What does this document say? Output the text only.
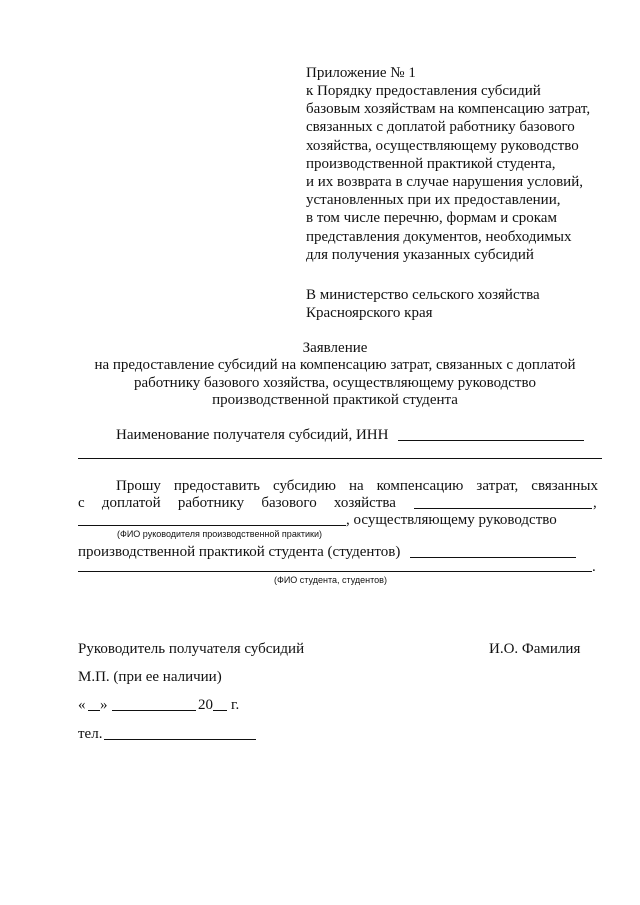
Приложение № 1
к Порядку предоставления субсидий
базовым хозяйствам на компенсацию затрат,
связанных с доплатой работнику базового
хозяйства, осуществляющему руководство
производственной практикой студента,
и их возврата в случае нарушения условий,
установленных при их предоставлении,
в том числе перечню, формам и срокам
представления документов, необходимых
для получения указанных субсидий
В министерство сельского хозяйства
Красноярского края
Заявление
на предоставление субсидий на компенсацию затрат, связанных с доплатой
работнику базового хозяйства, осуществляющему руководство
производственной практикой студента
Наименование получателя субсидий, ИНН
Прошу предоставить субсидию на компенсацию затрат, связанных
с доплатой работнику базового хозяйства	,
, осуществляющему руководство
(ФИО руководителя производственной практики)
производственной практикой студента (студентов)
.
(ФИО студента, студентов)
Руководитель получателя субсидий	И.О. Фамилия
М.П. (при ее наличии)
« »	20 г.
тел.
